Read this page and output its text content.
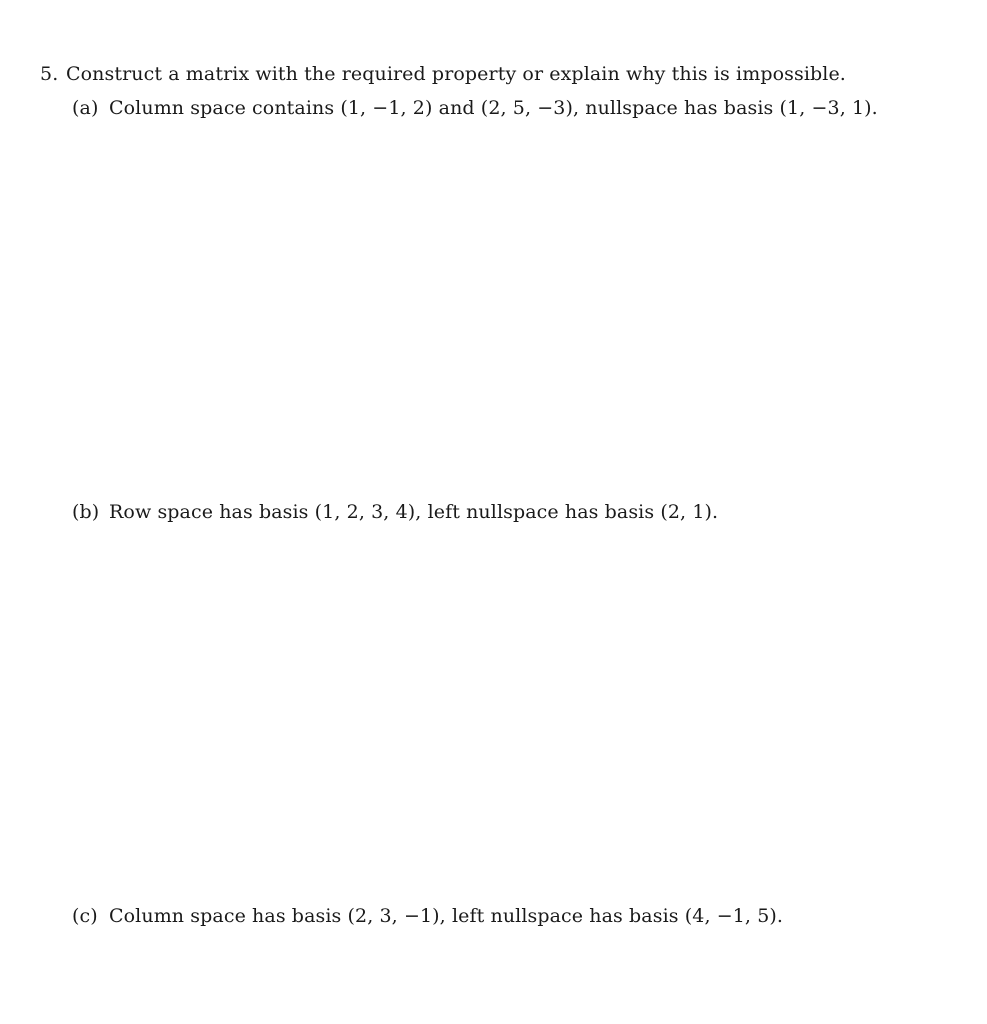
5. Construct a matrix with the required property or explain why this is impossible.
(a) Column space contains (1, −1, 2) and (2, 5, −3), nullspace has basis (1, −3, 1).
(b) Row space has basis (1, 2, 3, 4), left nullspace has basis (2, 1).
(c) Column space has basis (2, 3, −1), left nullspace has basis (4, −1, 5).
